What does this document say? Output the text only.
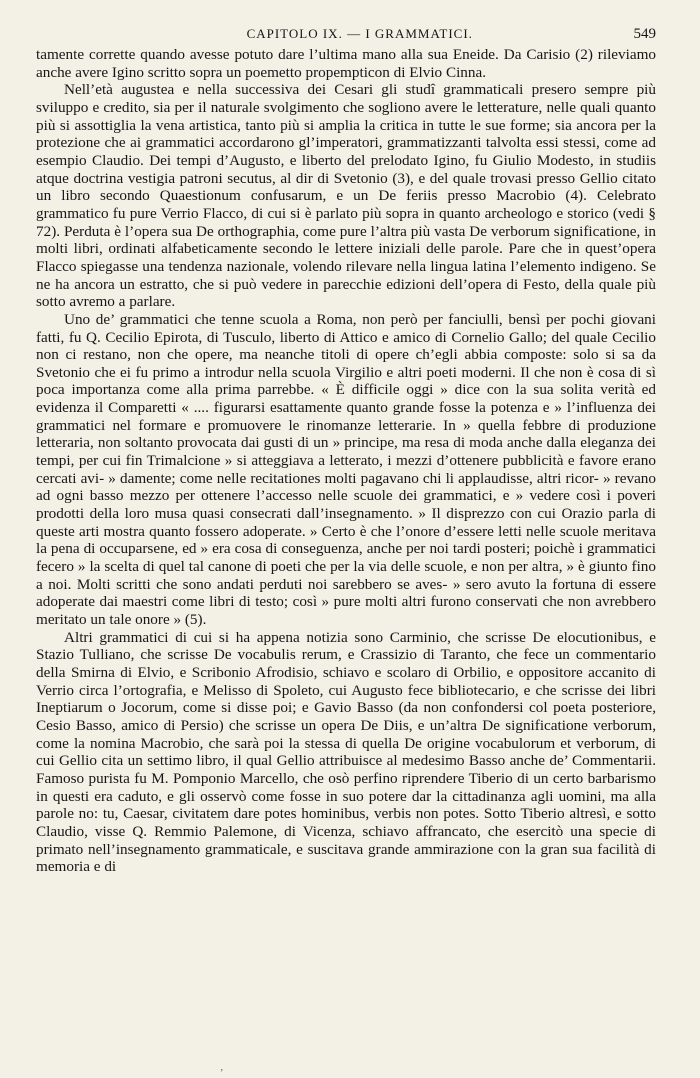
CAPITOLO IX. — I GRAMMATICI.	549

tamente corrette quando avesse potuto dare l’ultima mano alla sua Eneide. Da Carisio (2) rileviamo anche avere Igino scritto sopra un poemetto propempticon di Elvio Cinna.

Nell’età augustea e nella successiva dei Cesari gli studî grammaticali presero sempre più sviluppo e credito, sia per il naturale svolgimento che sogliono avere le letterature, nelle quali quanto più si assottiglia la vena artistica, tanto più si amplia la critica in tutte le sue forme; sia ancora per la protezione che ai grammatici accordarono gl’imperatori, grammatizzanti talvolta essi stessi, come ad esempio Claudio. Dei tempi d’Augusto, e liberto del prelodato Igino, fu Giulio Modesto, in studiis atque doctrina vestigia patroni secutus, al dir di Svetonio (3), e del quale trovasi presso Gellio citato un libro secondo Quaestionum confusarum, e un De feriis presso Macrobio (4). Celebrato grammatico fu pure Verrio Flacco, di cui si è parlato più sopra in quanto archeologo e storico (vedi § 72). Perduta è l’opera sua De orthographia, come pure l’altra più vasta De verborum significatione, in molti libri, ordinati alfabeticamente secondo le lettere iniziali delle parole. Pare che in quest’opera Flacco spiegasse una tendenza nazionale, volendo rilevare nella lingua latina l’elemento indigeno. Se ne ha ancora un estratto, che si può vedere in parecchie edizioni dell’opera di Festo, della quale più sotto avremo a parlare.

Uno de’ grammatici che tenne scuola a Roma, non però per fanciulli, bensì per pochi giovani fatti, fu Q. Cecilio Epirota, di Tusculo, liberto di Attico e amico di Cornelio Gallo; del quale Cecilio non ci restano, non che opere, ma neanche titoli di opere ch’egli abbia composte: solo si sa da Svetonio che ei fu primo a introdur nella scuola Virgilio e altri poeti moderni. Il che non è cosa di sì poca importanza come alla prima parrebbe. « È difficile oggi » dice con la sua solita verità ed evidenza il Comparetti « .... figurarsi esattamente quanto grande fosse la potenza e » l’influenza dei grammatici nel formare e promuovere le rinomanze letterarie. In » quella febbre di produzione letteraria, non soltanto provocata dai gusti di un » principe, ma resa di moda anche dalla eleganza dei tempi, per cui fin Trimalcione » si atteggiava a letterato, i mezzi d’ottenere pubblicità e favore erano cercati avi- » damente; come nelle recitationes molti pagavano chi li applaudisse, altri ricor- » revano ad ogni basso mezzo per ottenere l’accesso nelle scuole dei grammatici, e » vedere così i poveri prodotti della loro musa quasi consecrati dall’insegnamento. » Il disprezzo con cui Orazio parla di queste arti mostra quanto fossero adoperate. » Certo è che l’onore d’essere letti nelle scuole meritava la pena di occuparsene, ed » era cosa di conseguenza, anche per noi tardi posteri; poichè i grammatici fecero » la scelta di quel tal canone di poeti che per la via delle scuole, e non per altra, » è giunto fino a noi. Molti scritti che sono andati perduti noi sarebbero se aves- » sero avuto la fortuna di essere adoperate dai maestri come libri di testo; così » pure molti altri furono conservati che non avrebbero meritato un tale onore » (5).

Altri grammatici di cui si ha appena notizia sono Carminio, che scrisse De elocutionibus, e Stazio Tulliano, che scrisse De vocabulis rerum, e Crassizio di Taranto, che fece un commentario della Smirna di Elvio, e Scribonio Afrodisio, schiavo e scolaro di Orbilio, e oppositore accanito di Verrio circa l’ortografia, e Melisso di Spoleto, cui Augusto fece bibliotecario, e che scrisse dei libri Ineptiarum o Jocorum, come si disse poi; e Gavio Basso (da non confondersi col poeta posteriore, Cesio Basso, amico di Persio) che scrisse un opera De Diis, e un’altra De significatione verborum, come la nomina Macrobio, che sarà poi la stessa di quella De origine vocabulorum et verborum, di cui Gellio cita un settimo libro, il qual Gellio attribuisce al medesimo Basso anche de’ Commentarii. Famoso purista fu M. Pomponio Marcello, che osò perfino riprendere Tiberio di un certo barbarismo in questi era caduto, e gli osservò come fosse in suo potere dar la cittadinanza agli uomini, ma alla parole no: tu, Caesar, civitatem dare potes hominibus, verbis non potes. Sotto Tiberio altresì, e sotto Claudio, visse Q. Remmio Palemone, di Vicenza, schiavo affrancato, che esercitò una specie di primato nell’insegnamento grammaticale, e suscitava grande ammirazione con la gran sua facilità di memoria e di

‚
